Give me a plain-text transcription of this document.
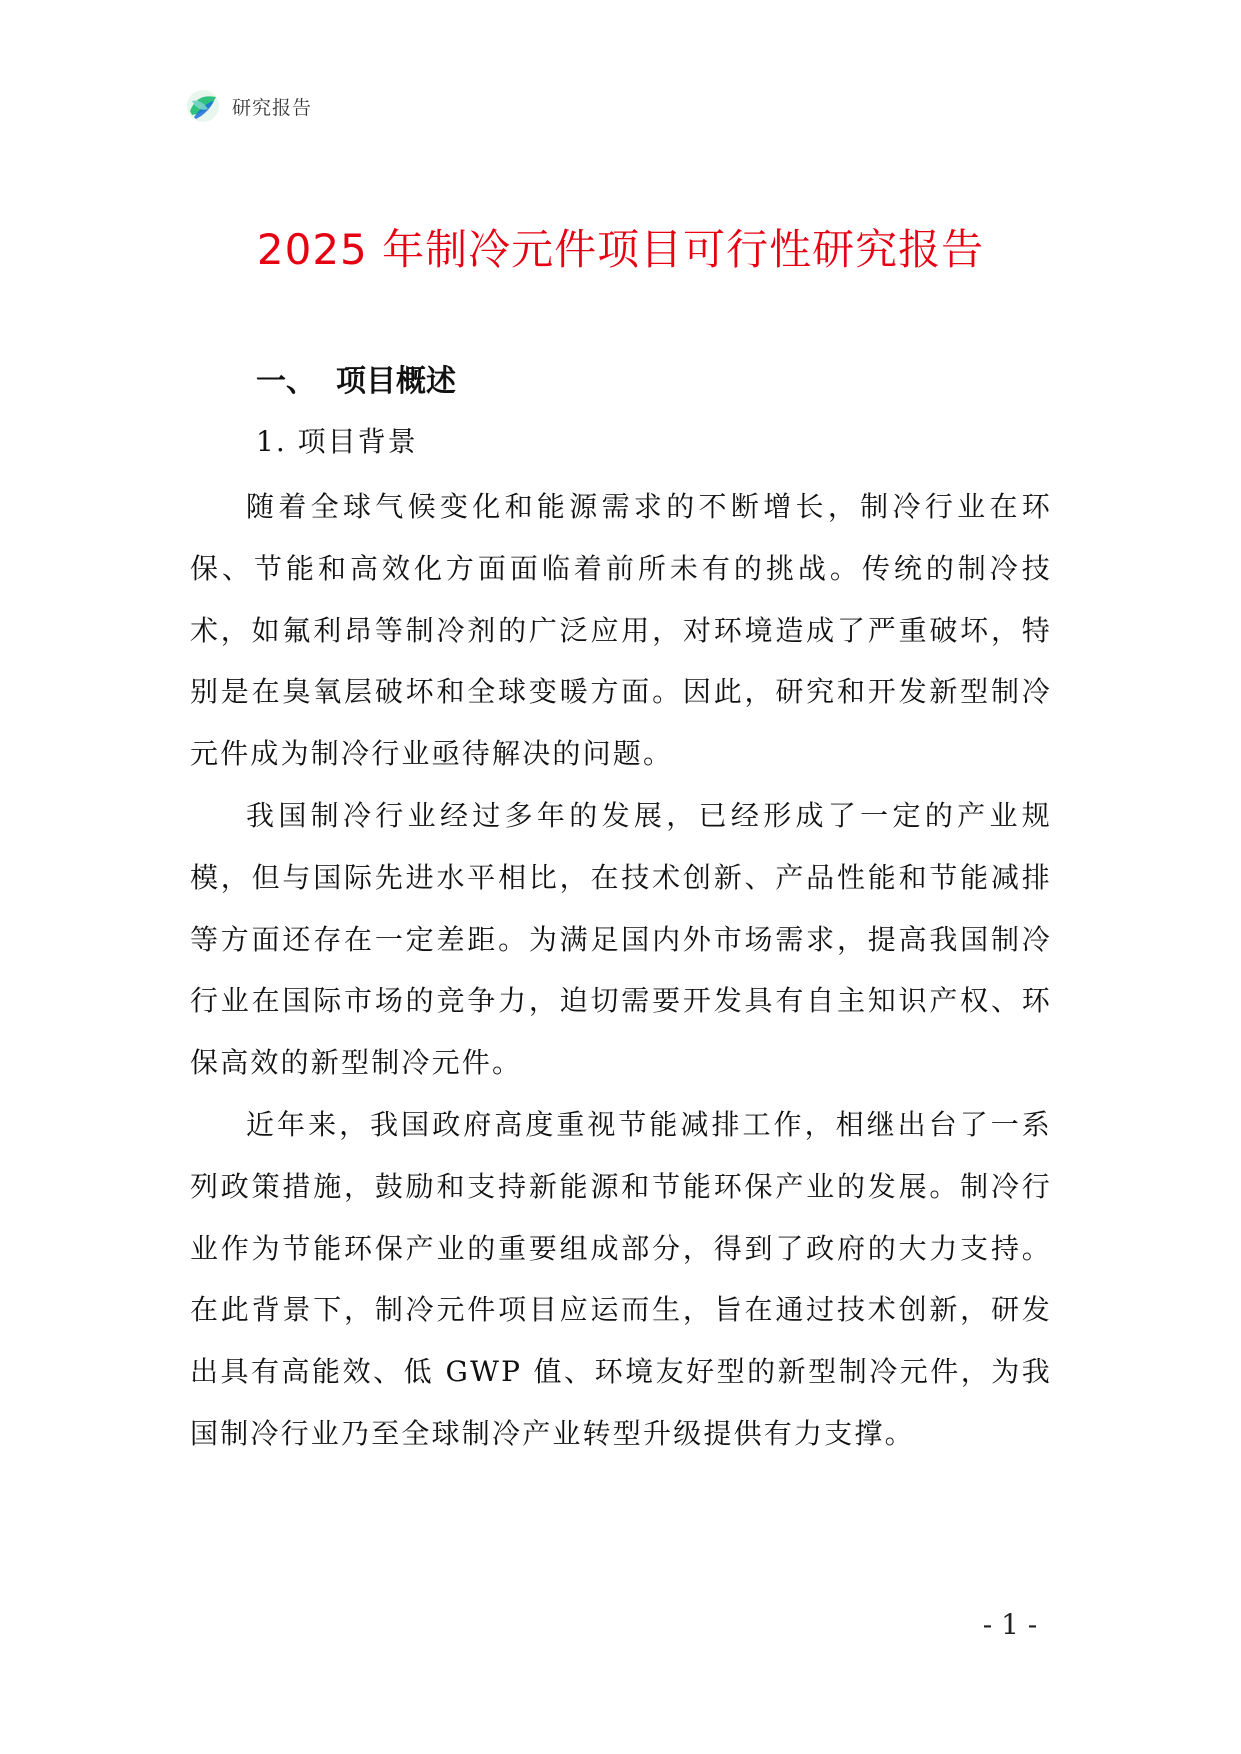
研究报告
2025 年制冷元件项目可行性研究报告
一、 项目概述
1. 项目背景

随着全球气候变化和能源需求的不断增长，制冷行业在环保、节能和高效化方面面临着前所未有的挑战。传统的制冷技术，如氟利昂等制冷剂的广泛应用，对环境造成了严重破坏，特别是在臭氧层破坏和全球变暖方面。因此，研究和开发新型制冷元件成为制冷行业亟待解决的问题。

我国制冷行业经过多年的发展，已经形成了一定的产业规模，但与国际先进水平相比，在技术创新、产品性能和节能减排等方面还存在一定差距。为满足国内外市场需求，提高我国制冷行业在国际市场的竞争力，迫切需要开发具有自主知识产权、环保高效的新型制冷元件。

近年来，我国政府高度重视节能减排工作，相继出台了一系列政策措施，鼓励和支持新能源和节能环保产业的发展。制冷行业作为节能环保产业的重要组成部分，得到了政府的大力支持。在此背景下，制冷元件项目应运而生，旨在通过技术创新，研发出具有高能效、低 GWP 值、环境友好型的新型制冷元件，为我国制冷行业乃至全球制冷产业转型升级提供有力支撑。

- 1 -
